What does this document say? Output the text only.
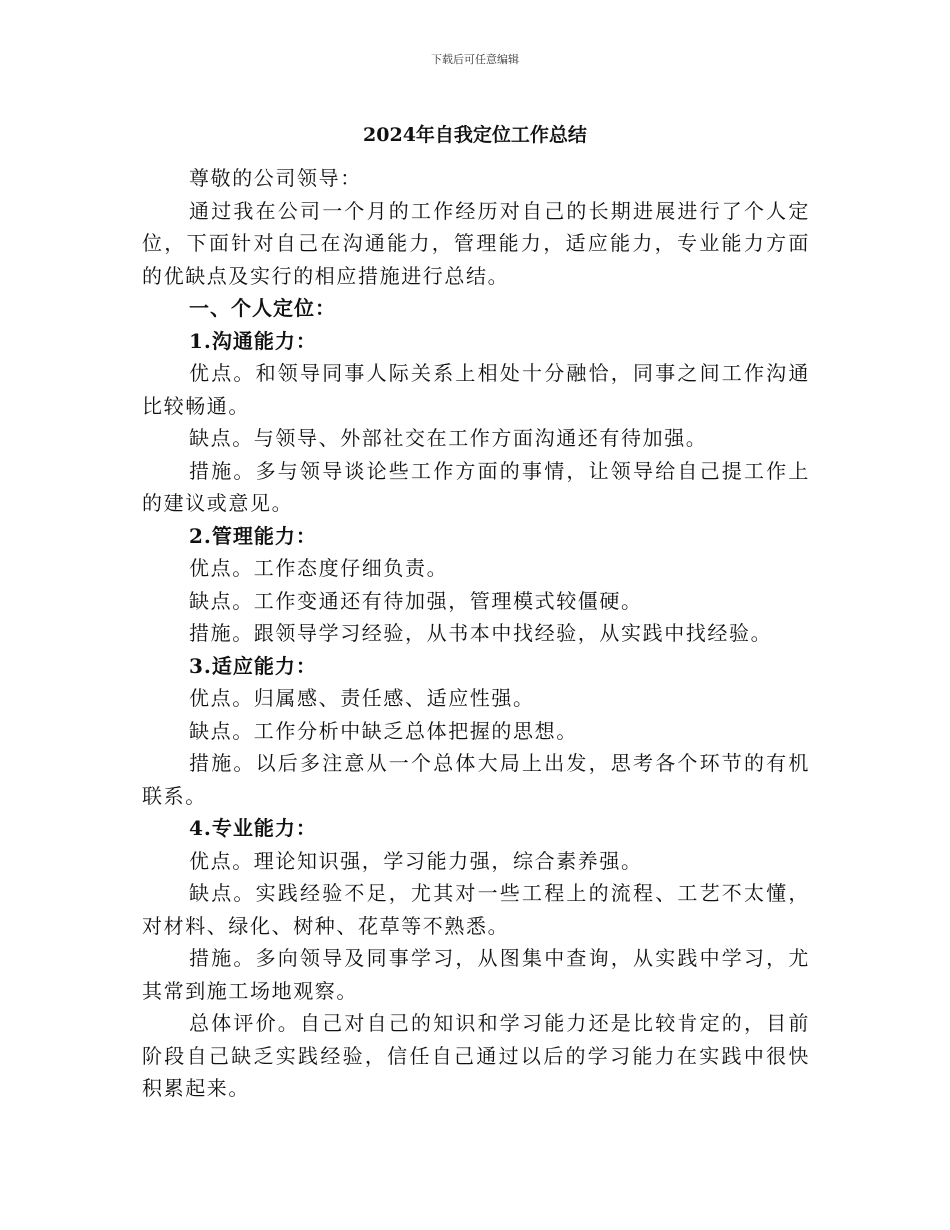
下载后可任意编辑
2024年自我定位工作总结

尊敬的公司领导：

通过我在公司一个月的工作经历对自己的长期进展进行了个人定位，下面针对自己在沟通能力，管理能力，适应能力，专业能力方面的优缺点及实行的相应措施进行总结。

一、个人定位：

1.沟通能力：

优点。和领导同事人际关系上相处十分融恰，同事之间工作沟通比较畅通。

缺点。与领导、外部社交在工作方面沟通还有待加强。

措施。多与领导谈论些工作方面的事情，让领导给自己提工作上的建议或意见。

2.管理能力：

优点。工作态度仔细负责。

缺点。工作变通还有待加强，管理模式较僵硬。

措施。跟领导学习经验，从书本中找经验，从实践中找经验。

3.适应能力：

优点。归属感、责任感、适应性强。

缺点。工作分析中缺乏总体把握的思想。

措施。以后多注意从一个总体大局上出发，思考各个环节的有机联系。

4.专业能力：

优点。理论知识强，学习能力强，综合素养强。

缺点。实践经验不足，尤其对一些工程上的流程、工艺不太懂，对材料、绿化、树种、花草等不熟悉。

措施。多向领导及同事学习，从图集中查询，从实践中学习，尤其常到施工场地观察。

总体评价。自己对自己的知识和学习能力还是比较肯定的，目前阶段自己缺乏实践经验，信任自己通过以后的学习能力在实践中很快积累起来。
